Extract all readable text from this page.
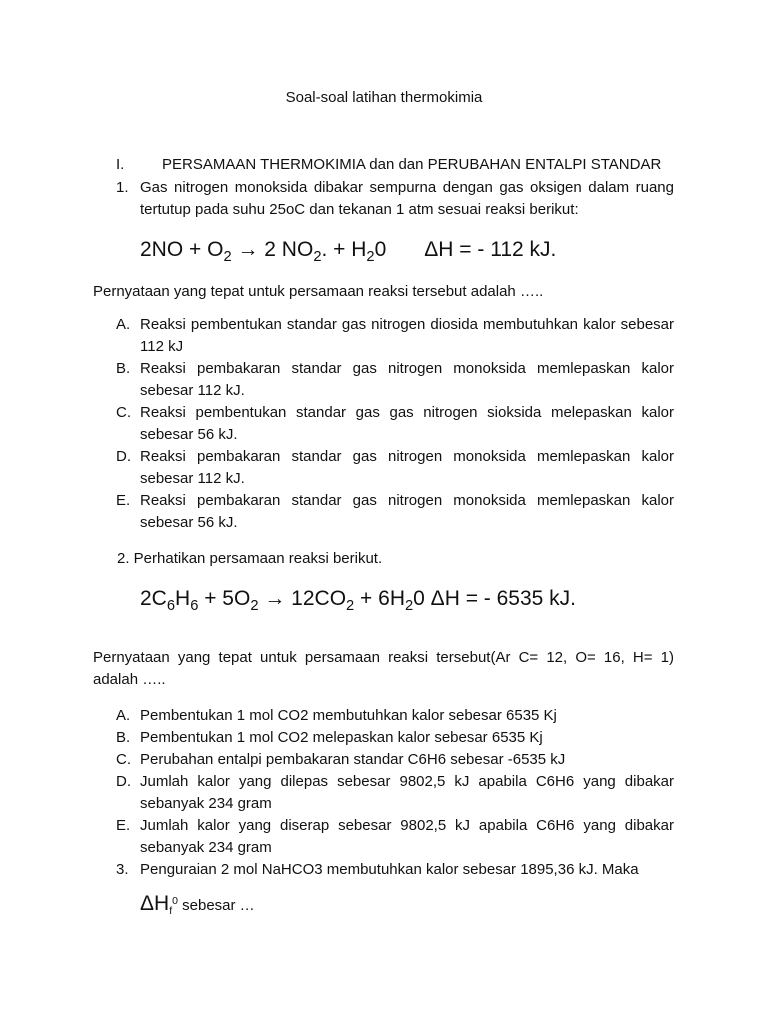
Soal-soal latihan thermokimia
I.	PERSAMAAN THERMOKIMIA dan dan PERUBAHAN ENTALPI STANDAR
1. Gas nitrogen monoksida dibakar sempurna dengan gas oksigen dalam ruang tertutup pada suhu 25oC dan tekanan 1 atm sesuai reaksi berikut:
$2NO + O_2 \to 2$ $NO_2$. + $H_20$ ΔH = - 112 kJ.
Pernyataan yang tepat untuk persamaan reaksi tersebut adalah …..
A. Reaksi pembentukan standar gas nitrogen diosida membutuhkan kalor sebesar 112 kJ
B. Reaksi pembakaran standar gas nitrogen monoksida memlepaskan kalor sebesar 112 kJ.
C. Reaksi pembentukan standar gas gas nitrogen sioksida melepaskan kalor sebesar 56 kJ.
D. Reaksi pembakaran standar gas nitrogen monoksida memlepaskan kalor sebesar 112 kJ.
E. Reaksi pembakaran standar gas nitrogen monoksida memlepaskan kalor sebesar 56 kJ.
2. Perhatikan persamaan reaksi berikut.
$2C_6H_6 + 5O_2 \to 12CO_2 + 6H_20$ ΔH = - 6535 kJ.
Pernyataan yang tepat untuk persamaan reaksi tersebut(Ar C= 12, O= 16, H= 1) adalah …..
A. Pembentukan 1 mol CO2 membutuhkan kalor sebesar 6535 Kj
B. Pembentukan 1 mol CO2 melepaskan kalor sebesar 6535 Kj
C. Perubahan entalpi pembakaran standar C6H6 sebesar -6535 kJ
D. Jumlah kalor yang dilepas sebesar 9802,5 kJ apabila C6H6 yang dibakar sebanyak 234 gram
E. Jumlah kalor yang diserap sebesar 9802,5 kJ apabila C6H6 yang dibakar sebanyak 234 gram
3. Penguraian 2 mol NaHCO3 membutuhkan kalor sebesar 1895,36 kJ. Maka
$\Delta H_f^0$ sebesar …
